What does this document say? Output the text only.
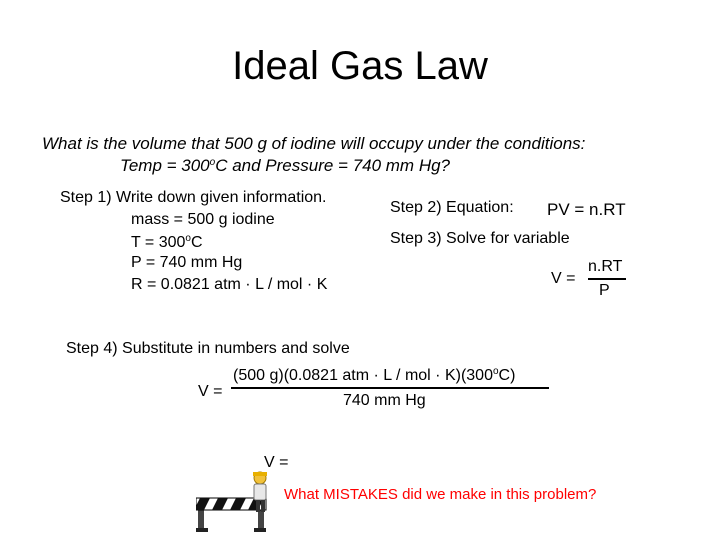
Ideal Gas Law
What is the volume that 500 g of iodine will occupy under the conditions:
Temp = $300^oC$ and Pressure = 740 mm Hg?
Step 1) Write down given information.
mass = 500 g iodine
$T = 300^oC$
P = 740 mm Hg
R = 0.0821 atm · L / mol · K
Step 2) Equation: PV = n.RT
Step 3) Solve for variable
V =
n.RT
P
Step 4) Substitute in numbers and solve
V =
(500 g)(0.0821 atm · L / mol · $K)(300^oC)$
740 mm Hg
V =
What MISTAKES did we make in this problem?
